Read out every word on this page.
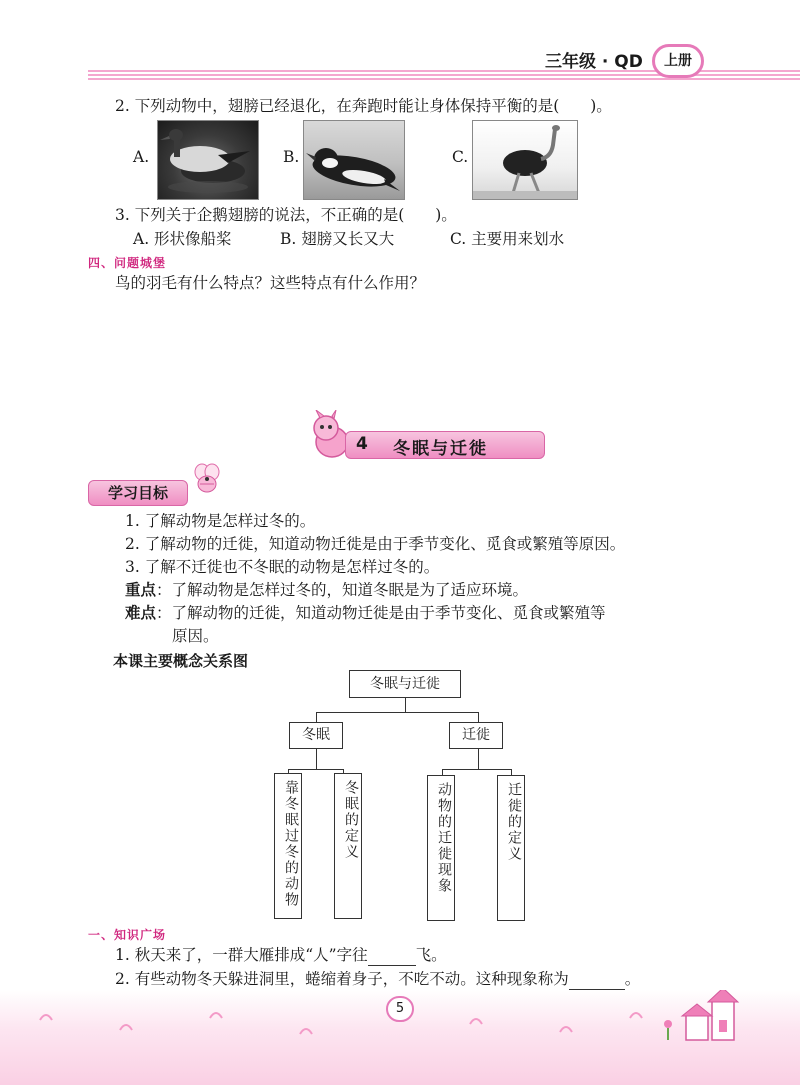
三年级 · QD	上册
2. 下列动物中，翅膀已经退化，在奔跑时能让身体保持平衡的是(　　)。
A.	B.	C.
3. 下列关于企鹅翅膀的说法，不正确的是(　　)。
A. 形状像船桨	B. 翅膀又长又大	C. 主要用来划水
四、问题城堡
鸟的羽毛有什么特点？这些特点有什么作用？
4 冬眠与迁徙
学习目标
1. 了解动物是怎样过冬的。
2. 了解动物的迁徙，知道动物迁徙是由于季节变化、觅食或繁殖等原因。
3. 了解不迁徙也不冬眠的动物是怎样过冬的。
重点：了解动物是怎样过冬的，知道冬眠是为了适应环境。
难点：了解动物的迁徙，知道动物迁徙是由于季节变化、觅食或繁殖等
原因。
本课主要概念关系图
冬眠与迁徙
冬眠	迁徙
靠冬眠过冬的动物	冬眠的定义	动物的迁徙现象	迁徙的定义
一、知识广场
1. 秋天来了，一群大雁排成“人”字往	飞。
2. 有些动物冬天躲进洞里，蜷缩着身子，不吃不动。这种现象称为	。
5
